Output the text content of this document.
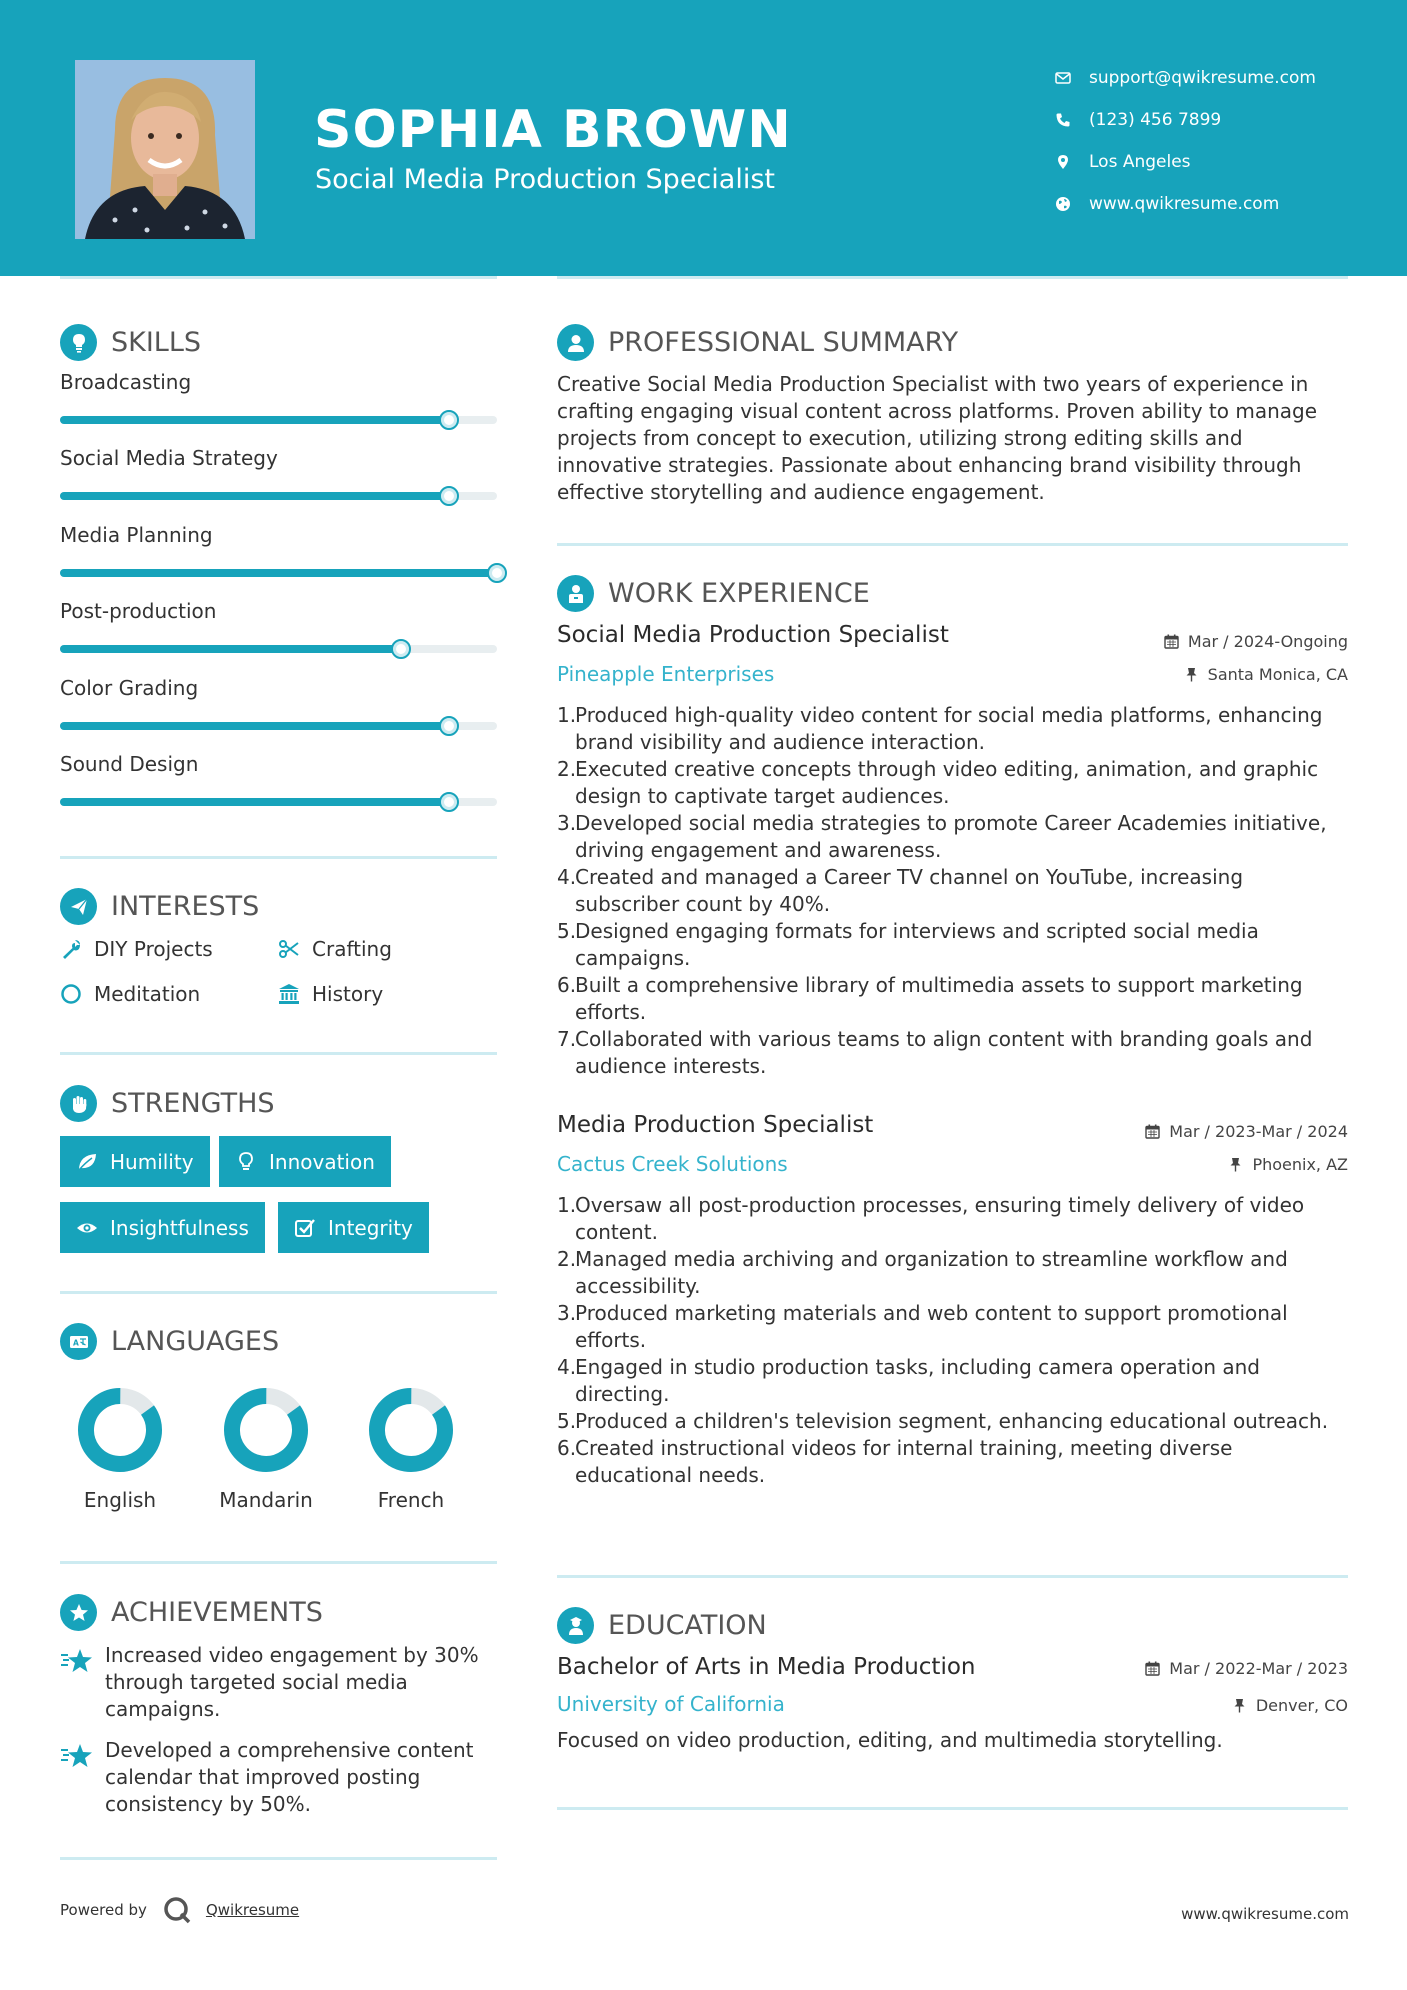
SOPHIA BROWN
Social Media Production Specialist
support@qwikresume.com
(123) 456 7899
Los Angeles
www.qwikresume.com
SKILLS
Broadcasting
Social Media Strategy
Media Planning
Post-production
Color Grading
Sound Design
INTERESTS
DIY Projects	Crafting
Meditation	History
STRENGTHS
Humility	Innovation
Insightfulness	Integrity
A LANGUAGES
English	Mandarin	French
ACHIEVEMENTS
Increased video engagement by 30% through targeted social media campaigns.
Developed a comprehensive content calendar that improved posting consistency by 50%.
PROFESSIONAL SUMMARY
Creative Social Media Production Specialist with two years of experience in crafting engaging visual content across platforms. Proven ability to manage projects from concept to execution, utilizing strong editing skills and innovative strategies. Passionate about enhancing brand visibility through effective storytelling and audience engagement.
WORK EXPERIENCE
Social Media Production Specialist	Mar / 2024-Ongoing
Pineapple Enterprises	Santa Monica, CA
1.
Produced high-quality video content for social media platforms, enhancing brand visibility and audience interaction.
2.
Executed creative concepts through video editing, animation, and graphic design to captivate target audiences.
3.
Developed social media strategies to promote Career Academies initiative, driving engagement and awareness.
4.
Created and managed a Career TV channel on YouTube, increasing subscriber count by 40%.
5.
Designed engaging formats for interviews and scripted social media campaigns.
6.
Built a comprehensive library of multimedia assets to support marketing efforts.
7.
Collaborated with various teams to align content with branding goals and audience interests.
Media Production Specialist	Mar / 2023-Mar / 2024
Cactus Creek Solutions	Phoenix, AZ
1.
Oversaw all post-production processes, ensuring timely delivery of video content.
2.
Managed media archiving and organization to streamline workflow and accessibility.
3.
Produced marketing materials and web content to support promotional efforts.
4.
Engaged in studio production tasks, including camera operation and directing.
5.
Produced a children's television segment, enhancing educational outreach.
6.
Created instructional videos for internal training, meeting diverse educational needs.
EDUCATION
Bachelor of Arts in Media Production	Mar / 2022-Mar / 2023
University of California	Denver, CO
Focused on video production, editing, and multimedia storytelling.
Powered by	Qwikresume	www.qwikresume.com
